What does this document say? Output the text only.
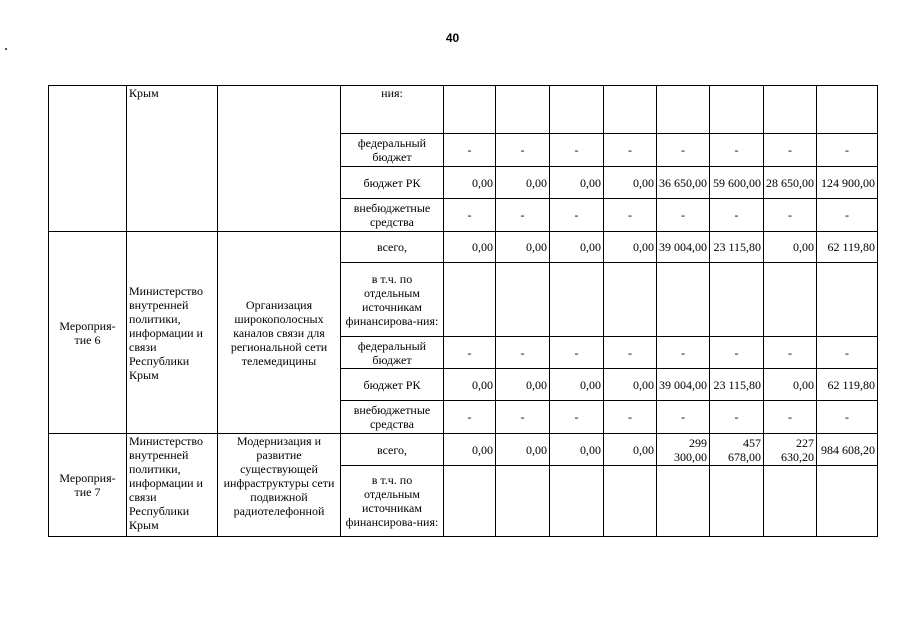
40
	Крым		ния:								
			федеральный бюджет	-	-	-	-	-	-	-	-
			бюджет РК	0,00	0,00	0,00	0,00	36 650,00	59 600,00	28 650,00	124 900,00
			внебюджетные средства	-	-	-	-	-	-	-	-
Мероприя-тие 6	Министерство внутренней политики, информации и связи Республики Крым	Организация широкополосных каналов связи для региональной сети телемедицины	всего,	0,00	0,00	0,00	0,00	39 004,00	23 115,80	0,00	62 119,80
			в т.ч. по отдельным источникам финансирова-ния:								
			федеральный бюджет	-	-	-	-	-	-	-	-
			бюджет РК	0,00	0,00	0,00	0,00	39 004,00	23 115,80	0,00	62 119,80
			внебюджетные средства	-	-	-	-	-	-	-	-
Мероприя-тие 7	Министерство внутренней политики, информации и связи Республики Крым	Модернизация и развитие существующей инфраструктуры сети подвижной радиотелефонной	всего,	0,00	0,00	0,00	0,00	299 300,00	457 678,00	227 630,20	984 608,20
			в т.ч. по отдельным источникам финансирова-ния:								
